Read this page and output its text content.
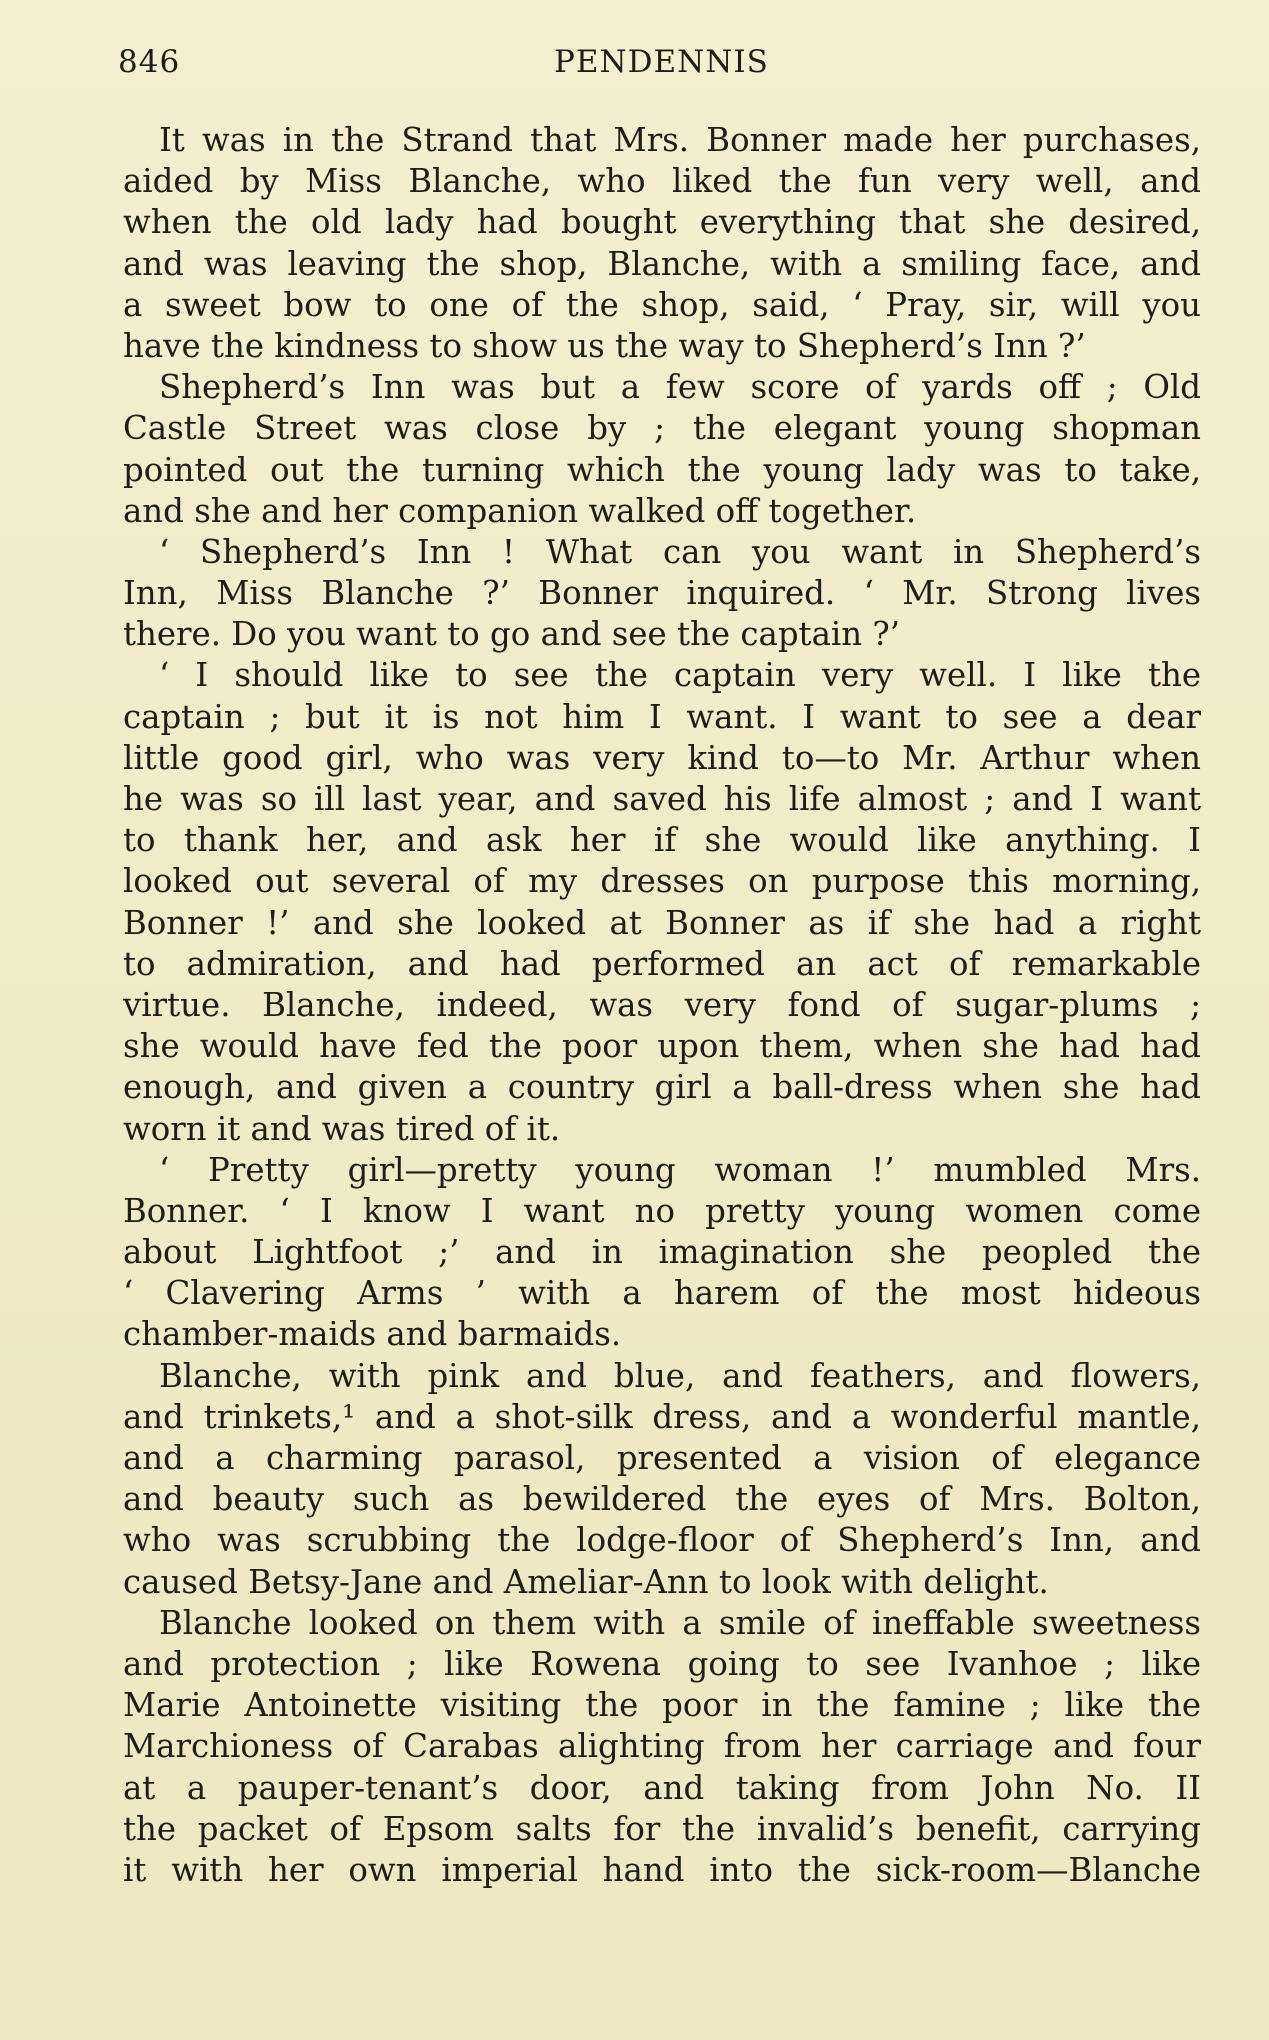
846	PENDENNIS
It was in the Strand that Mrs. Bonner made her purchases,
aided by Miss Blanche, who liked the fun very well, and
when the old lady had bought everything that she desired,
and was leaving the shop, Blanche, with a smiling face, and
a sweet bow to one of the shop, said, ‘ Pray, sir, will you
have the kindness to show us the way to Shepherd’s Inn ?’
Shepherd’s Inn was but a few score of yards off ; Old
Castle Street was close by ; the elegant young shopman
pointed out the turning which the young lady was to take,
and she and her companion walked off together.
‘ Shepherd’s Inn ! What can you want in Shepherd’s
Inn, Miss Blanche ?’ Bonner inquired. ‘ Mr. Strong lives
there. Do you want to go and see the captain ?’
‘ I should like to see the captain very well. I like the
captain ; but it is not him I want. I want to see a dear
little good girl, who was very kind to—to Mr. Arthur when
he was so ill last year, and saved his life almost ; and I want
to thank her, and ask her if she would like anything. I
looked out several of my dresses on purpose this morning,
Bonner !’ and she looked at Bonner as if she had a right
to admiration, and had performed an act of remarkable
virtue. Blanche, indeed, was very fond of sugar-plums ;
she would have fed the poor upon them, when she had had
enough, and given a country girl a ball-dress when she had
worn it and was tired of it.
‘ Pretty girl—pretty young woman !’ mumbled Mrs.
Bonner. ‘ I know I want no pretty young women come
about Lightfoot ;’ and in imagination she peopled the
‘ Clavering Arms ’ with a harem of the most hideous
chamber-maids and barmaids.
Blanche, with pink and blue, and feathers, and flowers,
and trinkets,¹ and a shot-silk dress, and a wonderful mantle,
and a charming parasol, presented a vision of elegance
and beauty such as bewildered the eyes of Mrs. Bolton,
who was scrubbing the lodge-floor of Shepherd’s Inn, and
caused Betsy-Jane and Ameliar-Ann to look with delight.
Blanche looked on them with a smile of ineffable sweetness
and protection ; like Rowena going to see Ivanhoe ; like
Marie Antoinette visiting the poor in the famine ; like the
Marchioness of Carabas alighting from her carriage and four
at a pauper-tenant’s door, and taking from John No. II
the packet of Epsom salts for the invalid’s benefit, carrying
it with her own imperial hand into the sick-room—Blanche
